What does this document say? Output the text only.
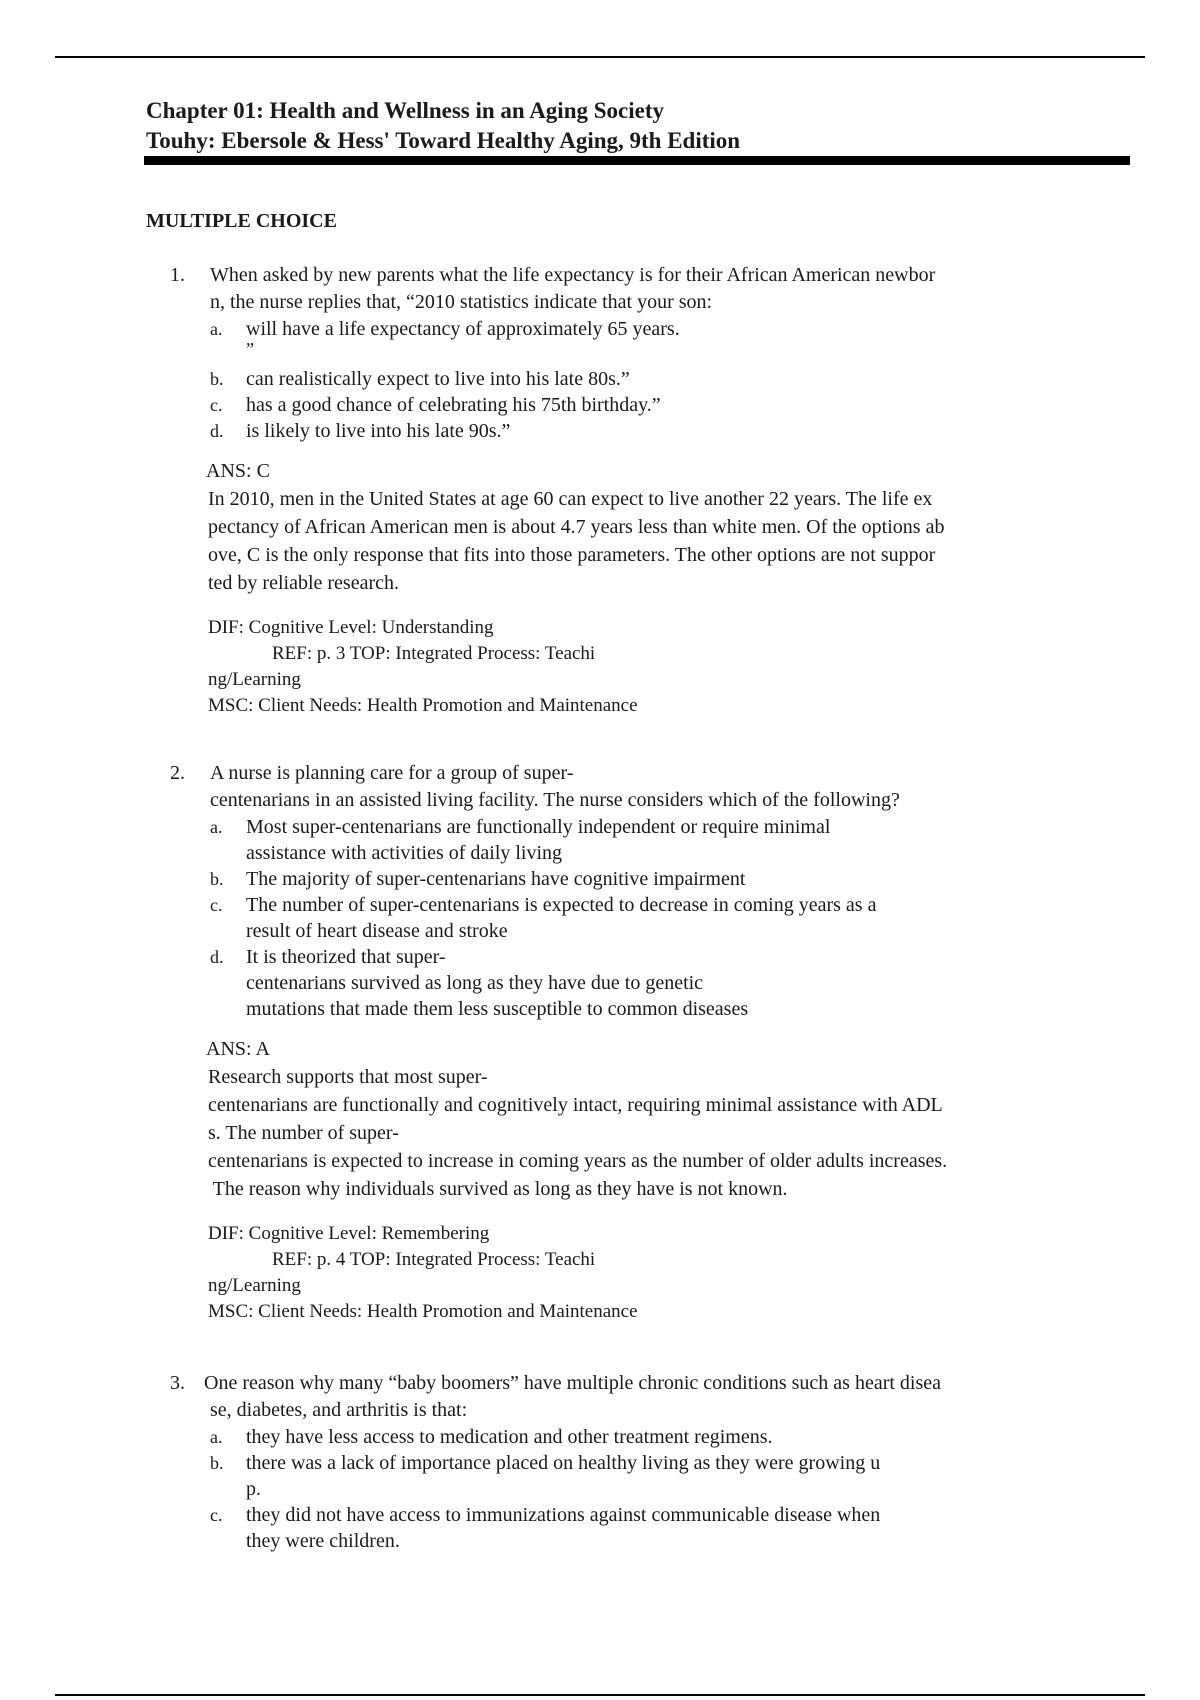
Chapter 01: Health and Wellness in an Aging Society
Touhy: Ebersole & Hess' Toward Healthy Aging, 9th Edition
MULTIPLE CHOICE
1. When asked by new parents what the life expectancy is for their African American newbor
n, the nurse replies that, “2010 statistics indicate that your son:
a. will have a life expectancy of approximately 65 years.
”
b. can realistically expect to live into his late 80s.”
c. has a good chance of celebrating his 75th birthday.”
d. is likely to live into his late 90s.”
ANS: C
In 2010, men in the United States at age 60 can expect to live another 22 years. The life ex
pectancy of African American men is about 4.7 years less than white men. Of the options ab
ove, C is the only response that fits into those parameters. The other options are not suppor
ted by reliable research.
DIF: Cognitive Level: Understanding
REF: p. 3 TOP: Integrated Process: Teachi
ng/Learning
MSC: Client Needs: Health Promotion and Maintenance
2. A nurse is planning care for a group of super-
centenarians in an assisted living facility. The nurse considers which of the following?
a. Most super-centenarians are functionally independent or require minimal
assistance with activities of daily living
b. The majority of super-centenarians have cognitive impairment
c. The number of super-centenarians is expected to decrease in coming years as a
result of heart disease and stroke
d. It is theorized that super-
centenarians survived as long as they have due to genetic
mutations that made them less susceptible to common diseases
ANS: A
Research supports that most super-
centenarians are functionally and cognitively intact, requiring minimal assistance with ADL
s. The number of super-
centenarians is expected to increase in coming years as the number of older adults increases.
The reason why individuals survived as long as they have is not known.
DIF: Cognitive Level: Remembering
REF: p. 4 TOP: Integrated Process: Teachi
ng/Learning
MSC: Client Needs: Health Promotion and Maintenance
3. One reason why many “baby boomers” have multiple chronic conditions such as heart disea
se, diabetes, and arthritis is that:
a. they have less access to medication and other treatment regimens.
b. there was a lack of importance placed on healthy living as they were growing u
p.
c. they did not have access to immunizations against communicable disease when
they were children.
